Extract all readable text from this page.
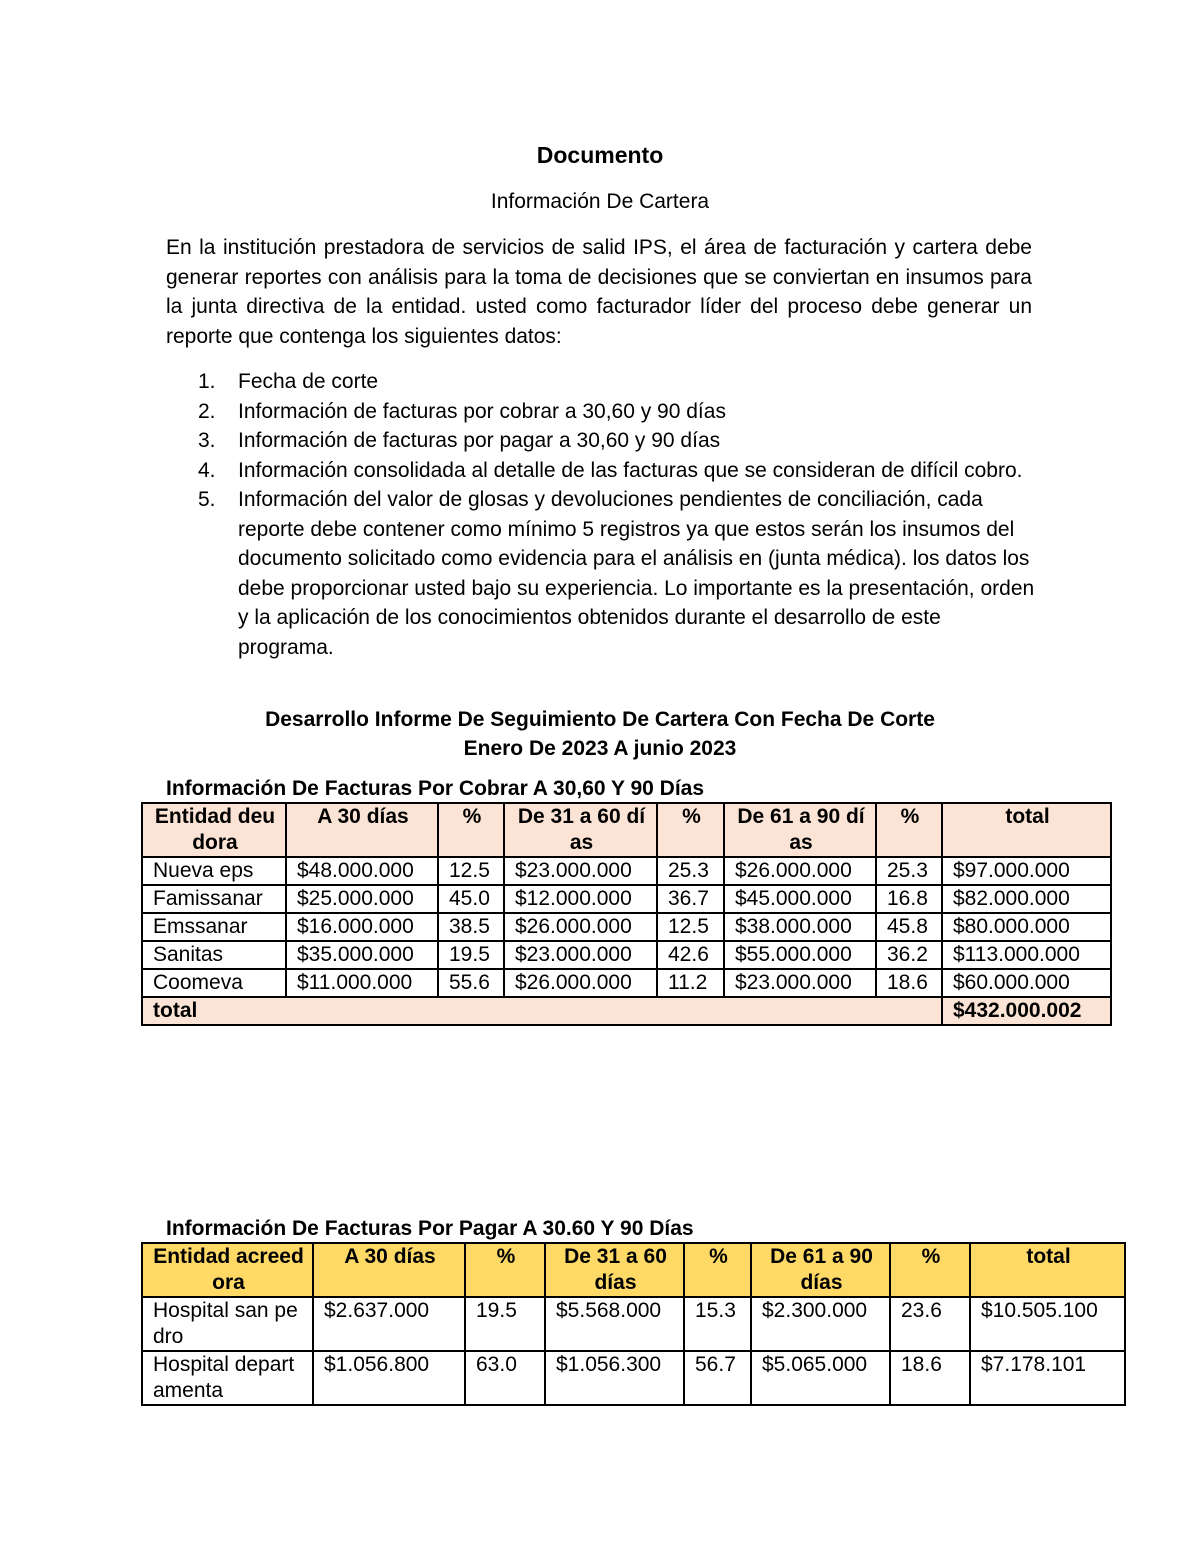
Documento
Información De Cartera

En la institución prestadora de servicios de salid IPS, el área de facturación y cartera debe generar reportes con análisis para la toma de decisiones que se conviertan en insumos para la junta directiva de la entidad. usted como facturador líder del proceso debe generar un reporte que contenga los siguientes datos:

1. Fecha de corte
2. Información de facturas por cobrar a 30,60 y 90 días
3. Información de facturas por pagar a 30,60 y 90 días
4. Información consolidada al detalle de las facturas que se consideran de difícil cobro.
5. Información del valor de glosas y devoluciones pendientes de conciliación, cada reporte debe contener como mínimo 5 registros ya que estos serán los insumos del documento solicitado como evidencia para el análisis en (junta médica). los datos los debe proporcionar usted bajo su experiencia. Lo importante es la presentación, orden y la aplicación de los conocimientos obtenidos durante el desarrollo de este programa.
Desarrollo Informe De Seguimiento De Cartera Con Fecha De Corte
Enero De 2023 A junio 2023
Información De Facturas Por Cobrar A 30,60 Y 90 Días
Entidad deudora	A 30 días	%	De 31 a 60 días	%	De 61 a 90 días	%	total
Nueva eps	$48.000.000	12.5	$23.000.000	25.3	$26.000.000	25.3	$97.000.000
Famissanar	$25.000.000	45.0	$12.000.000	36.7	$45.000.000	16.8	$82.000.000
Emssanar	$16.000.000	38.5	$26.000.000	12.5	$38.000.000	45.8	$80.000.000
Sanitas	$35.000.000	19.5	$23.000.000	42.6	$55.000.000	36.2	$113.000.000
Coomeva	$11.000.000	55.6	$26.000.000	11.2	$23.000.000	18.6	$60.000.000
total							$432.000.002
Información De Facturas Por Pagar A 30.60 Y 90 Días
Entidad acreedora	A 30 días	%	De 31 a 60 días	%	De 61 a 90 días	%	total
Hospital san pedro	$2.637.000	19.5	$5.568.000	15.3	$2.300.000	23.6	$10.505.100
Hospital departamenta	$1.056.800	63.0	$1.056.300	56.7	$5.065.000	18.6	$7.178.101
